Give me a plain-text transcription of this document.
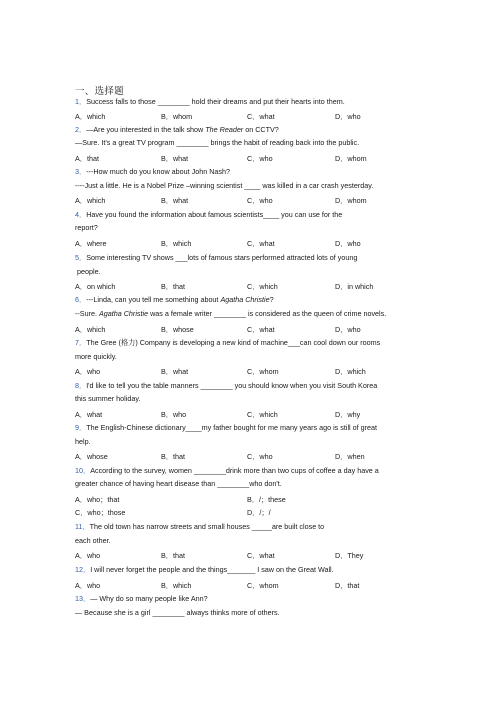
一、选择题
1．Success falls to those ________ hold their dreams and put their hearts into them.
A．which	B．whom	C．what	D．who
2．—Are you interested in the talk show The Reader on CCTV?
—Sure. It's a great TV program ________ brings the habit of reading back into the public.
A．that	B．what	C．who	D．whom
3．---How much do you know about John Nash?
----Just a little. He is a Nobel Prize –winning scientist ____ was killed in a car crash yesterday.
A．which	B．what	C．who	D．whom
4．Have you found the information about famous scientists____ you can use for the
report?
A．where	B．which	C．what	D．who
5．Some interesting TV shows ___lots of famous stars performed attracted lots of young
people.
A．on which	B．that	C．which	D．in which
6．---Linda, can you tell me something about Agatha Christie?
--Sure. Agatha Christie was a female writer ________ is considered as the queen of crime novels.
A．which	B．whose	C．what	D．who
7．The Gree (格力) Company is developing a new kind of machine___can cool down our rooms
more quickly.
A．who	B．what	C．whom	D．which
8．I'd like to tell you the table manners ________ you should know when you visit South Korea
this summer holiday.
A．what	B．who	C．which	D．why
9．The English-Chinese dictionary____my father bought for me many years ago is still of great
help.
A．whose	B．that	C．who	D．when
10．According to the survey, women ________drink more than two cups of coffee a day have a
greater chance of having heart disease than ________who don't.
A．who；that	B．/；these
C．who；those	D．/；/
11．The old town has narrow streets and small houses _____are built close to
each other.
A．who	B．that	C．what	D．They
12．I will never forget the people and the things_______ I saw on the Great Wall.
A．who	B．which	C．whom	D．that
13．— Why do so many people like Ann?
— Because she is a girl ________ always thinks more of others.
